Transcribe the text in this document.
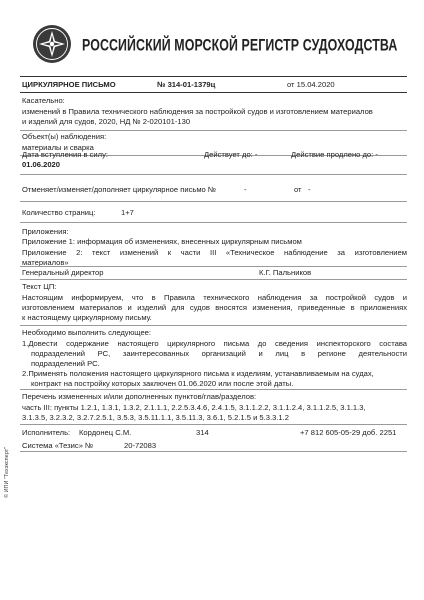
РОССИЙСКИЙ МОРСКОЙ РЕГИСТР СУДОХОДСТВА
ЦИРКУЛЯРНОЕ ПИСЬМО	№ 314-01-1379ц	от 15.04.2020
Касательно:
изменений в Правила технического наблюдения за постройкой судов и изготовлением материалов
и изделий для судов, 2020, НД № 2-020101-130
Объект(ы) наблюдения:
материалы и сварка
Дата вступления в силу:
01.06.2020
Действует до: -	Действие продлено до: -
Отменяет/изменяет/дополняет циркулярное письмо №	-	от -
Количество страниц:	1+7
Приложения:
Приложение 1: информация об изменениях, внесенных циркулярным письмом
Приложение 2: текст изменений к части III «Техническое наблюдение за изготовлением
материалов»
Генеральный директор	К.Г. Пальников
Текст ЦП:
Настоящим информируем, что в Правила технического наблюдения за постройкой судов и
изготовлением материалов и изделий для судов вносятся изменения, приведенные в приложениях
к настоящему циркулярному письму.
Необходимо выполнить следующее:
1.Довести содержание настоящего циркулярного письма до сведения инспекторского состава
подразделений РС, заинтересованных организаций и лиц в регионе деятельности
подразделений РС.
2.Применять положения настоящего циркулярного письма к изделиям, устанавливаемым на судах,
контракт на постройку которых заключен 01.06.2020 или после этой даты.
Перечень измененных и/или дополненных пунктов/глав/разделов:
часть III: пункты 1.2.1, 1.3.1, 1.3.2, 2.1.1.1, 2.2.5.3.4.6, 2.4.1.5, 3.1.1.2.2, 3.1.1.2.4, 3.1.1.2.5, 3.1.1.3,
3.1.3.5, 3.2.3.2, 3.2.7.2.5.1, 3.5.3, 3.5.11.1.1, 3.5.11.3, 3.6.1, 5.2.1.5 и 5.3.3.1.2
Исполнитель: Кордонец С.М.	314	+7 812 605-05-29 доб. 2251
Система «Тезис» №	20-72083
© ИПИ "Техэксперт"
